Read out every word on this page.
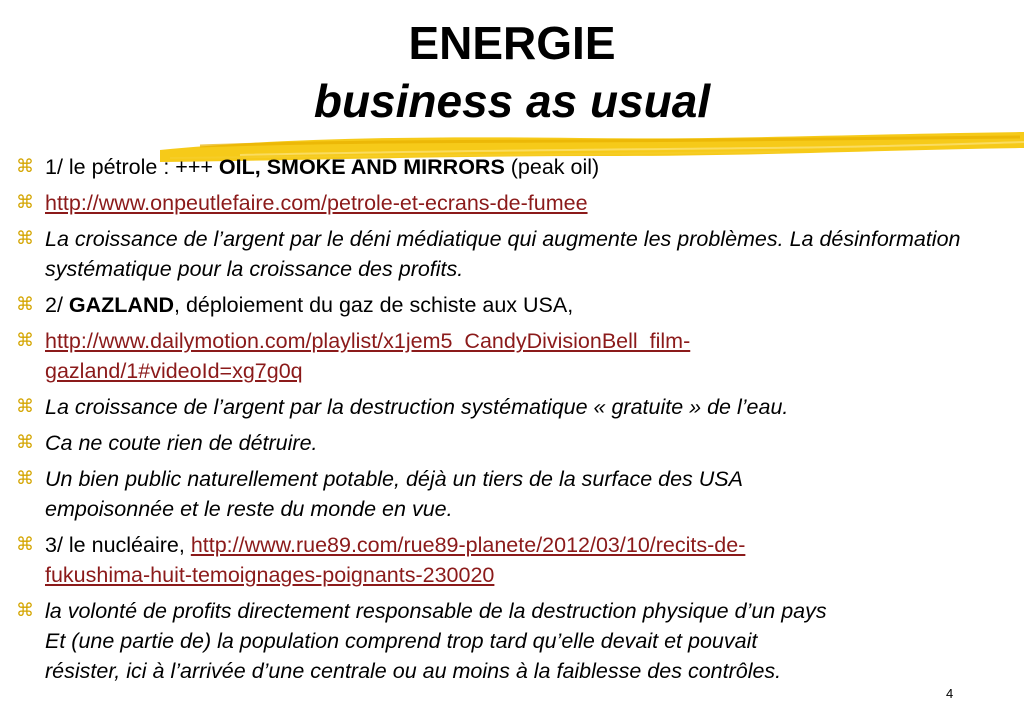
ENERGIE
business as usual
⌘ 1/ le pétrole : +++ OIL, SMOKE AND MIRRORS (peak oil)
⌘ http://www.onpeutlefaire.com/petrole-et-ecrans-de-fumee
⌘ La croissance de l’argent par le déni médiatique qui augmente les problèmes. La désinformation systématique pour la croissance des profits.
⌘ 2/ GAZLAND, déploiement du gaz de schiste aux USA,
⌘ http://www.dailymotion.com/playlist/x1jem5_CandyDivisionBell_film-
gazland/1#videoId=xg7g0q
⌘ La croissance de l’argent par la destruction systématique « gratuite » de l’eau.
⌘ Ca ne coute rien de détruire.
⌘ Un bien public naturellement potable, déjà un tiers de la surface des USA
empoisonnée et le reste du monde en vue.
⌘ 3/ le nucléaire, http://www.rue89.com/rue89-planete/2012/03/10/recits-de-
fukushima-huit-temoignages-poignants-230020
⌘ la volonté de profits directement responsable de la destruction physique d’un pays
Et (une partie de) la population comprend trop tard qu’elle devait et pouvait
résister, ici à l’arrivée d’une centrale ou au moins à la faiblesse des contrôles.
4
